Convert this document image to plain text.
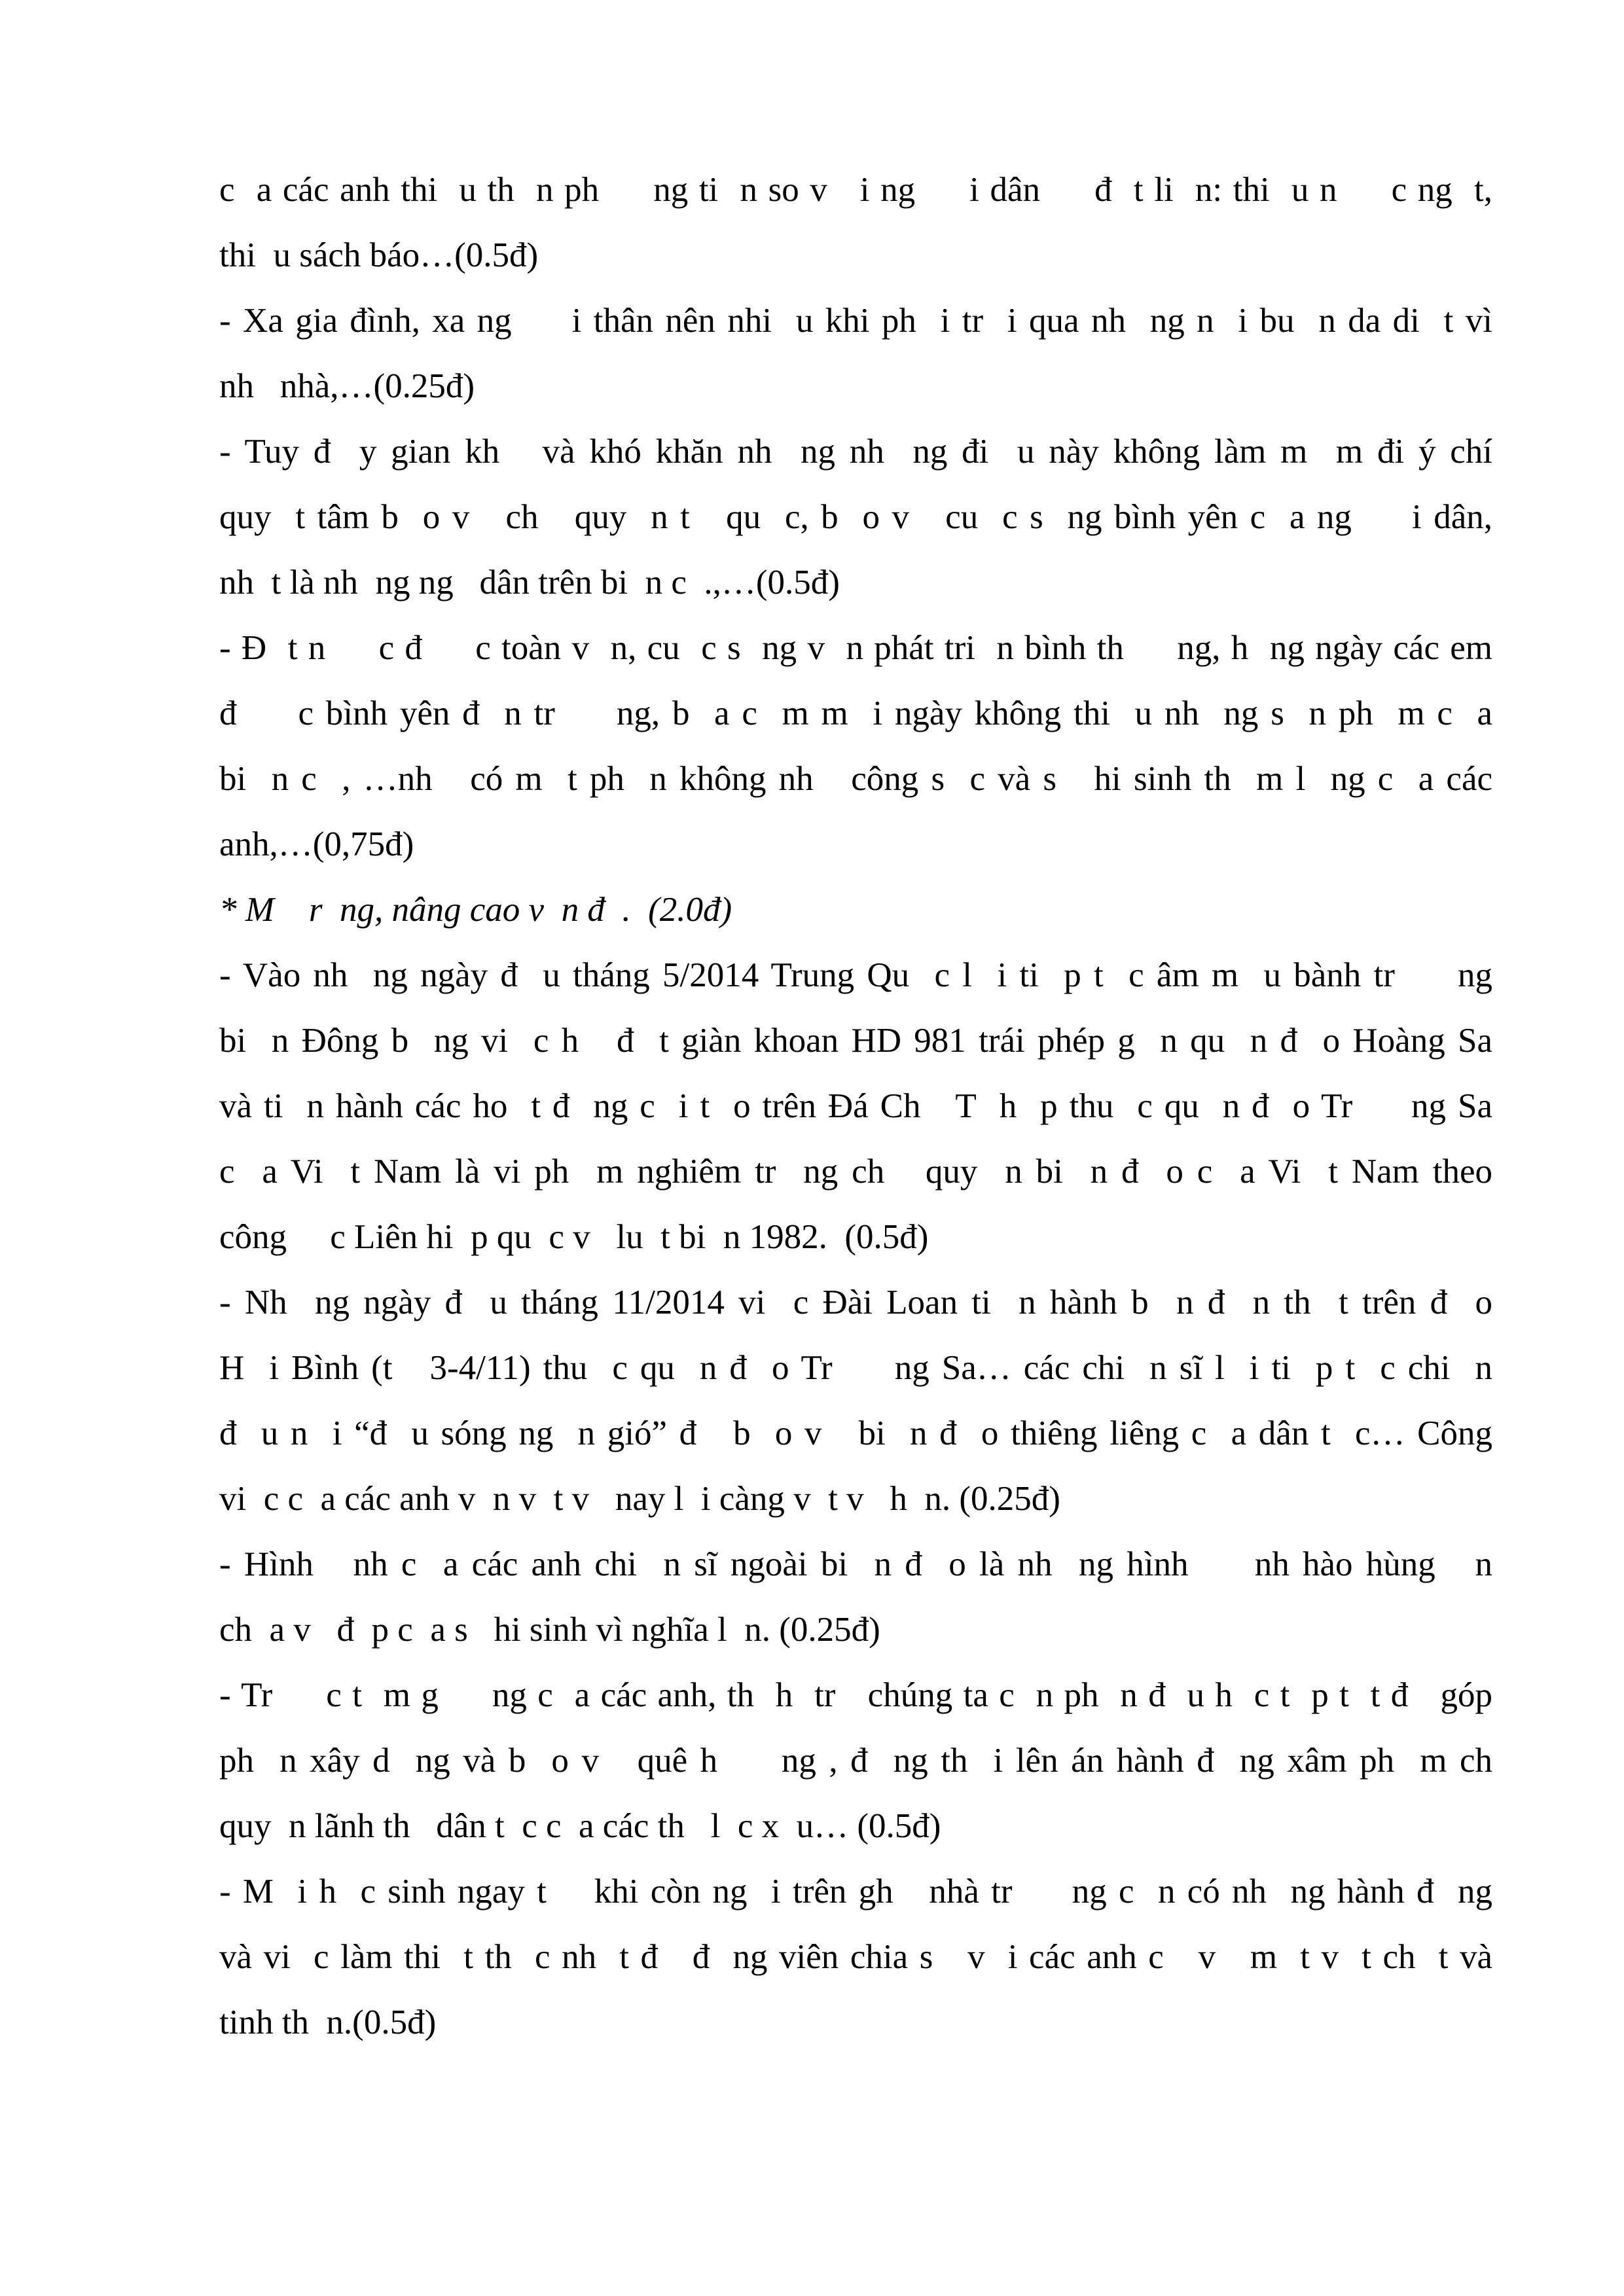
c  a các anh thi  u th  n ph     ng ti  n so v   i ng     i dân     đ  t li  n: thi  u n     c ng  t,
thi  u sách báo…(0.5đ)
- Xa gia đình, xa ng     i thân nên nhi  u khi ph  i tr  i qua nh  ng n  i bu  n da di  t vì
nh   nhà,…(0.25đ)
- Tuy đ  y gian kh   và khó khăn nh  ng nh  ng đi  u này không làm m  m đi ý chí
quy  t tâm b  o v   ch   quy  n t   qu  c, b  o v   cu  c s  ng bình yên c  a ng     i dân,
nh  t là nh  ng ng   dân trên bi  n c  .,…(0.5đ)
- Đ  t n     c đ     c toàn v  n, cu  c s  ng v  n phát tri  n bình th     ng, h  ng ngày các em
đ     c bình yên đ  n tr     ng, b  a c  m m  i ngày không thi  u nh  ng s  n ph  m c  a
bi  n c  , …nh   có m  t ph  n không nh   công s  c và s   hi sinh th  m l  ng c  a các
anh,…(0,75đ)
* M    r  ng, nâng cao v  n đ  .  (2.0đ)
- Vào nh  ng ngày đ  u tháng 5/2014 Trung Qu  c l  i ti  p t  c âm m  u bành tr     ng
bi  n Đông b  ng vi  c h   đ  t giàn khoan HD 981 trái phép g  n qu  n đ  o Hoàng Sa
và ti  n hành các ho  t đ  ng c  i t  o trên Đá Ch   T  h  p thu  c qu  n đ  o Tr     ng Sa
c  a Vi  t Nam là vi ph  m nghiêm tr  ng ch   quy  n bi  n đ  o c  a Vi  t Nam theo
công     c Liên hi  p qu  c v   lu  t bi  n 1982.  (0.5đ)
- Nh  ng ngày đ  u tháng 11/2014 vi  c Đài Loan ti  n hành b  n đ  n th  t trên đ  o
H  i Bình (t   3-4/11) thu  c qu  n đ  o Tr     ng Sa… các chi  n sĩ l  i ti  p t  c chi  n
đ  u n  i “đ  u sóng ng  n gió” đ   b  o v   bi  n đ  o thiêng liêng c  a dân t  c… Công
vi  c c  a các anh v  n v  t v   nay l  i càng v  t v   h  n. (0.25đ)
- Hình   nh c  a các anh chi  n sĩ ngoài bi  n đ  o là nh  ng hình     nh hào hùng   n
ch  a v   đ  p c  a s   hi sinh vì nghĩa l  n. (0.25đ)
- Tr     c t  m g     ng c  a các anh, th  h  tr   chúng ta c  n ph  n đ  u h  c t  p t  t đ   góp
ph  n xây d  ng và b  o v   quê h     ng , đ  ng th  i lên án hành đ  ng xâm ph  m ch
quy  n lãnh th   dân t  c c  a các th   l  c x  u… (0.5đ)
- M  i h  c sinh ngay t    khi còn ng  i trên gh   nhà tr     ng c  n có nh  ng hành đ  ng
và vi  c làm thi  t th  c nh  t đ   đ  ng viên chia s   v  i các anh c   v   m  t v  t ch  t và
tinh th  n.(0.5đ)
